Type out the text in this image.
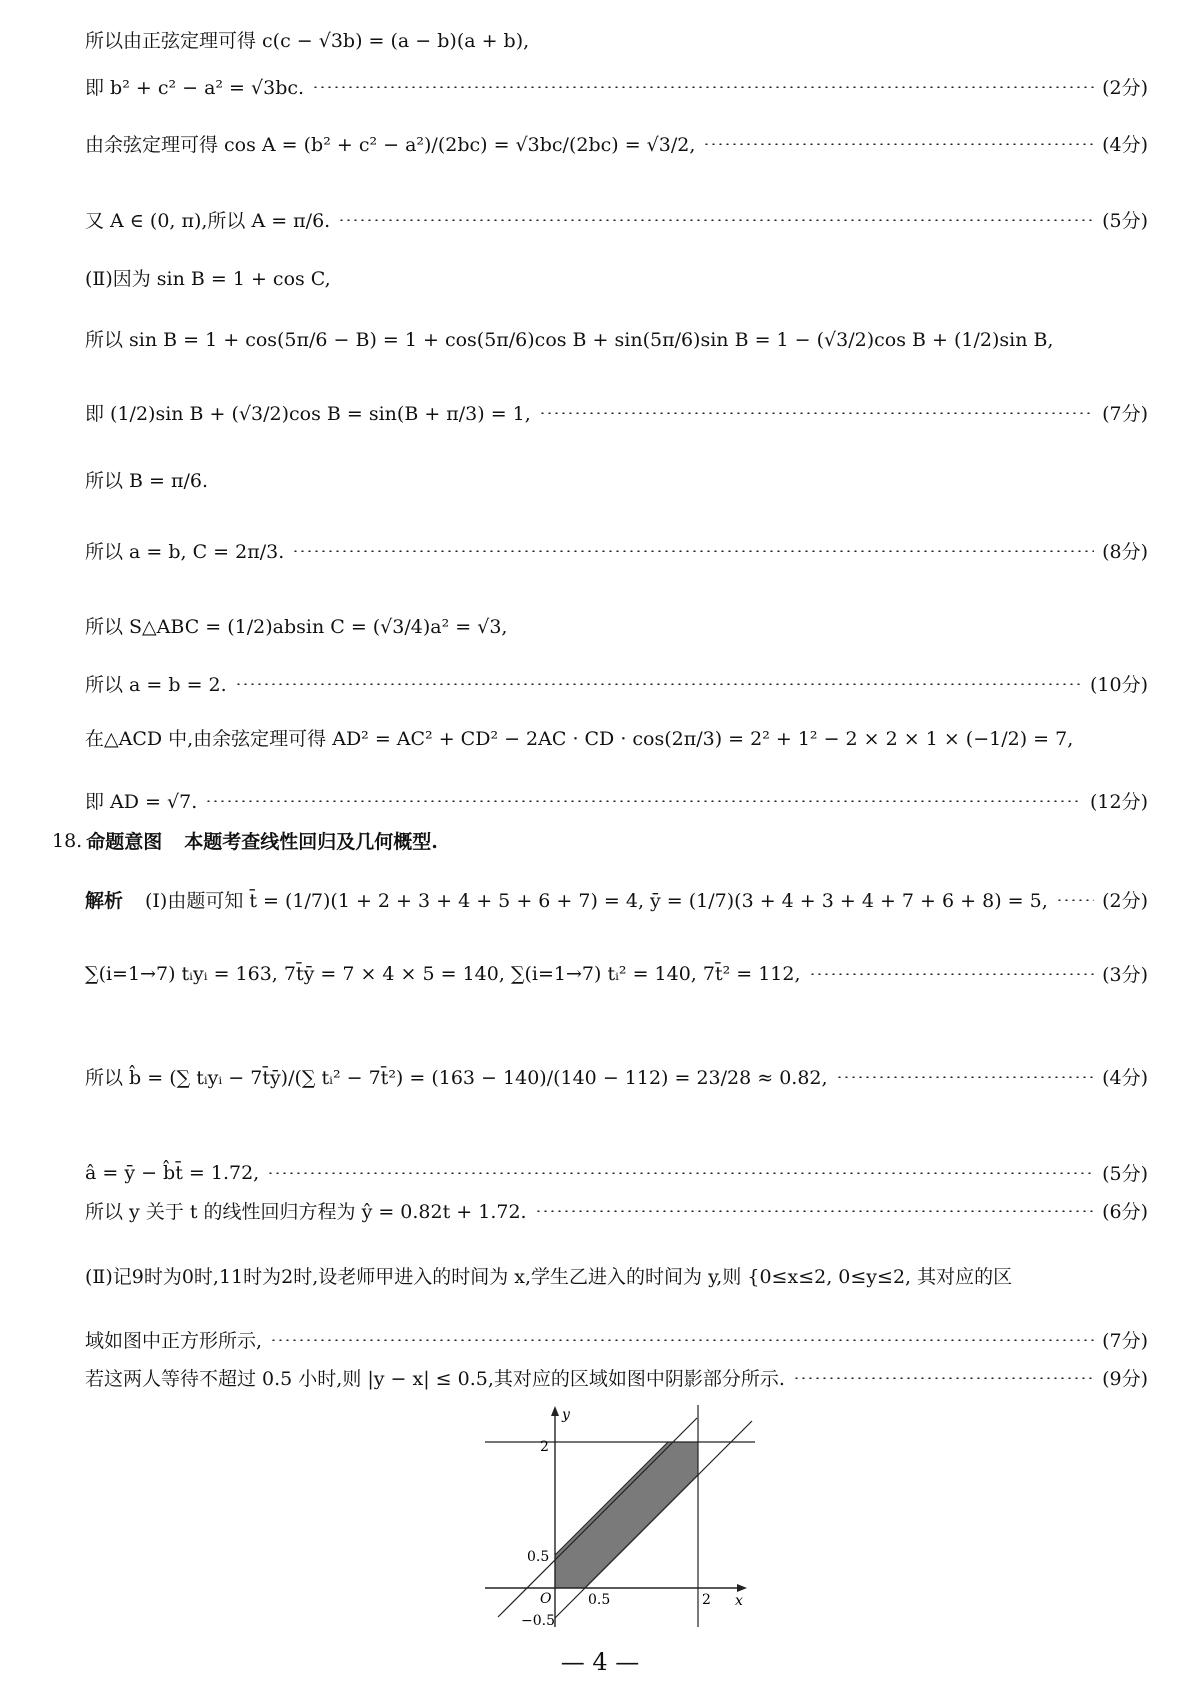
所以由正弦定理可得 c(c − √3b) = (a − b)(a + b),
即 b² + c² − a² = √3bc.	(2分)
由余弦定理可得 cos A = (b² + c² − a²)/(2bc) = √3bc/(2bc) = √3/2,	(4分)
又 A ∈ (0, π),所以 A = π/6.	(5分)
(Ⅱ)因为 sin B = 1 + cos C,
所以 sin B = 1 + cos(5π/6 − B) = 1 + cos(5π/6)cos B + sin(5π/6)sin B = 1 − (√3/2)cos B + (1/2)sin B,
即 (1/2)sin B + (√3/2)cos B = sin(B + π/3) = 1,	(7分)
所以 B = π/6.
所以 a = b, C = 2π/3.	(8分)
所以 S△ABC = (1/2)absin C = (√3/4)a² = √3,
所以 a = b = 2.	(10分)
在△ACD 中,由余弦定理可得 AD² = AC² + CD² − 2AC · CD · cos(2π/3) = 2² + 1² − 2 × 2 × 1 × (−1/2) = 7,
即 AD = √7.	(12分)
18. 命题意图 本题考查线性回归及几何概型.
解析 (Ⅰ)由题可知 t̄ = (1/7)(1 + 2 + 3 + 4 + 5 + 6 + 7) = 4, ȳ = (1/7)(3 + 4 + 3 + 4 + 7 + 6 + 8) = 5,	(2分)
∑(i=1→7) tᵢyᵢ = 163, 7t̄ȳ = 7 × 4 × 5 = 140, ∑(i=1→7) tᵢ² = 140, 7t̄² = 112,	(3分)
所以 b̂ = (∑ tᵢyᵢ − 7t̄ȳ)/(∑ tᵢ² − 7t̄²) = (163 − 140)/(140 − 112) = 23/28 ≈ 0.82,	(4分)
â = ȳ − b̂t̄ = 1.72,	(5分)
所以 y 关于 t 的线性回归方程为 ŷ = 0.82t + 1.72.	(6分)
(Ⅱ)记9时为0时,11时为2时,设老师甲进入的时间为 x,学生乙进入的时间为 y,则 {0≤x≤2, 0≤y≤2, 其对应的区
域如图中正方形所示,	(7分)
若这两人等待不超过 0.5 小时,则 |y − x| ≤ 0.5,其对应的区域如图中阴影部分所示.	(9分)
y
x
2
0.5
O
−0.5
0.5	2
— 4 —
